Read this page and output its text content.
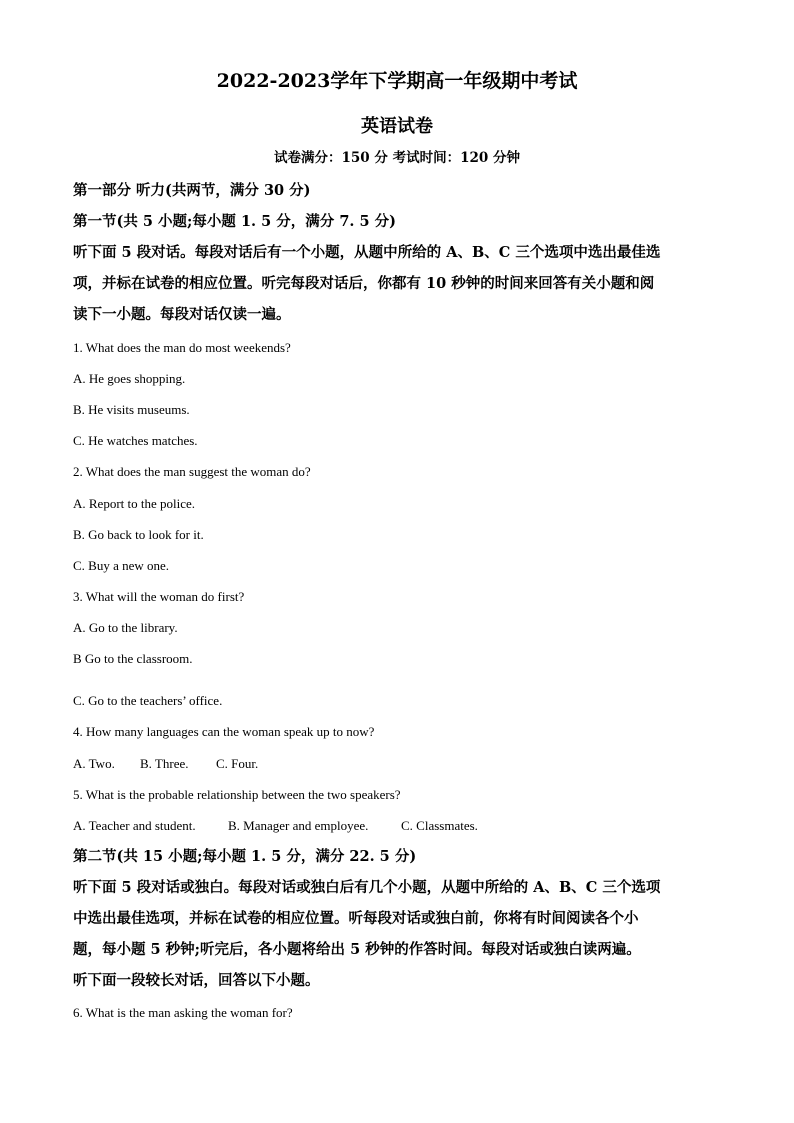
2022-2023学年下学期高一年级期中考试
英语试卷
试卷满分：150 分 考试时间：120 分钟
第一部分 听力(共两节，满分 30 分)
第一节(共 5 小题;每小题 1. 5 分，满分 7. 5 分)
听下面 5 段对话。每段对话后有一个小题，从题中所给的 A、B、C 三个选项中选出最佳选
项，并标在试卷的相应位置。听完每段对话后，你都有 10 秒钟的时间来回答有关小题和阅
读下一小题。每段对话仅读一遍。
1. What does the man do most weekends?
A. He goes shopping.
B. He visits museums.
C. He watches matches.
2. What does the man suggest the woman do?
A. Report to the police.
B. Go back to look for it.
C. Buy a new one.
3. What will the woman do first?
A. Go to the library.
B Go to the classroom.
C. Go to the teachers’ office.
4. How many languages can the woman speak up to now?
A. Two. B. Three. C. Four.
5. What is the probable relationship between the two speakers?
A. Teacher and student. B. Manager and employee.	C. Classmates.
第二节(共 15 小题;每小题 1. 5 分，满分 22. 5 分)
听下面 5 段对话或独白。每段对话或独白后有几个小题，从题中所给的 A、B、C 三个选项
中选出最佳选项，并标在试卷的相应位置。听每段对话或独白前，你将有时间阅读各个小
题，每小题 5 秒钟;听完后，各小题将给出 5 秒钟的作答时间。每段对话或独白读两遍。
听下面一段较长对话，回答以下小题。
6. What is the man asking the woman for?
